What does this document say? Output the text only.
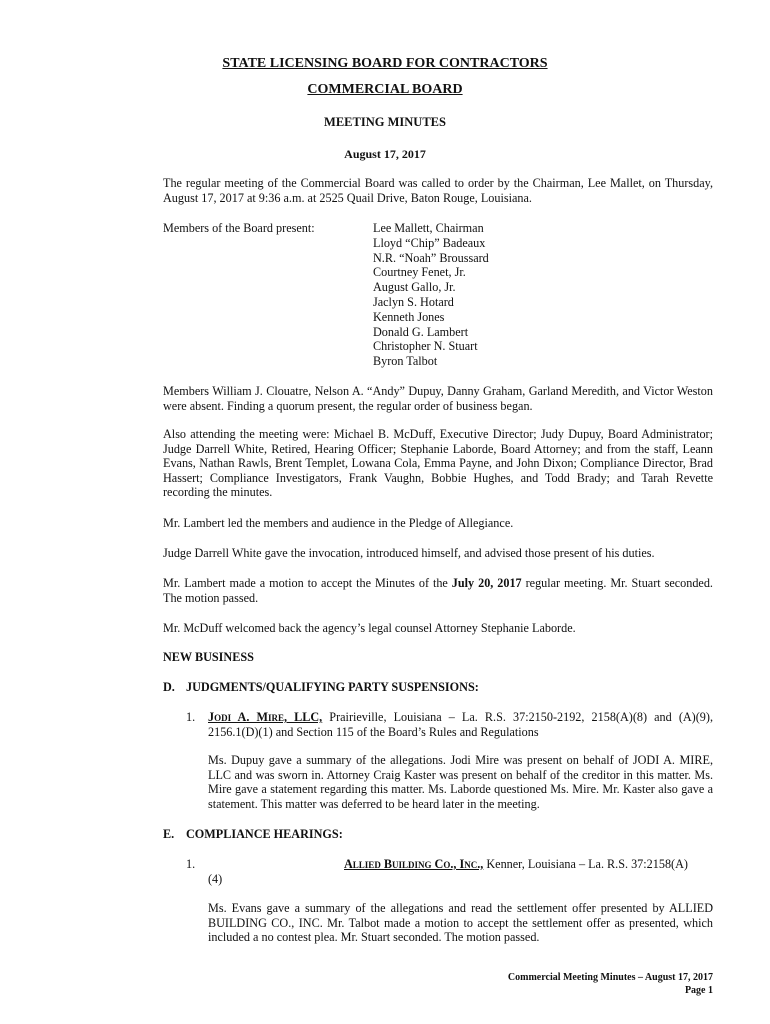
STATE LICENSING BOARD FOR CONTRACTORS
COMMERCIAL BOARD
MEETING MINUTES
August 17, 2017
The regular meeting of the Commercial Board was called to order by the Chairman, Lee Mallet, on Thursday, August 17, 2017 at 9:36 a.m. at 2525 Quail Drive, Baton Rouge, Louisiana.
Members of the Board present:	Lee Mallett, Chairman
Lloyd “Chip” Badeaux
N.R. “Noah” Broussard
Courtney Fenet, Jr.
August Gallo, Jr.
Jaclyn S. Hotard
Kenneth Jones
Donald G. Lambert
Christopher N. Stuart
Byron Talbot
Members William J. Clouatre, Nelson A. “Andy” Dupuy, Danny Graham, Garland Meredith, and Victor Weston were absent. Finding a quorum present, the regular order of business began.
Also attending the meeting were: Michael B. McDuff, Executive Director; Judy Dupuy, Board Administrator; Judge Darrell White, Retired, Hearing Officer; Stephanie Laborde, Board Attorney; and from the staff, Leann Evans, Nathan Rawls, Brent Templet, Lowana Cola, Emma Payne, and John Dixon; Compliance Director, Brad Hassert; Compliance Investigators, Frank Vaughn, Bobbie Hughes, and Todd Brady; and Tarah Revette recording the minutes.
Mr. Lambert led the members and audience in the Pledge of Allegiance.
Judge Darrell White gave the invocation, introduced himself, and advised those present of his duties.
Mr. Lambert made a motion to accept the Minutes of the July 20, 2017 regular meeting. Mr. Stuart seconded. The motion passed.
Mr. McDuff welcomed back the agency’s legal counsel Attorney Stephanie Laborde.
NEW BUSINESS
D. JUDGMENTS/QUALIFYING PARTY SUSPENSIONS:
1. Jodi A. Mire, LLC, Prairieville, Louisiana – La. R.S. 37:2150-2192, 2158(A)(8) and (A)(9), 2156.1(D)(1) and Section 115 of the Board’s Rules and Regulations
Ms. Dupuy gave a summary of the allegations. Jodi Mire was present on behalf of JODI A. MIRE, LLC and was sworn in. Attorney Craig Kaster was present on behalf of the creditor in this matter. Ms. Mire gave a statement regarding this matter. Ms. Laborde questioned Ms. Mire. Mr. Kaster also gave a statement. This matter was deferred to be heard later in the meeting.
E. COMPLIANCE HEARINGS:
1.	Allied Building Co., Inc., Kenner, Louisiana – La. R.S. 37:2158(A)
(4)
Ms. Evans gave a summary of the allegations and read the settlement offer presented by ALLIED BUILDING CO., INC. Mr. Talbot made a motion to accept the settlement offer as presented, which included a no contest plea. Mr. Stuart seconded. The motion passed.
Commercial Meeting Minutes – August 17, 2017
Page 1
